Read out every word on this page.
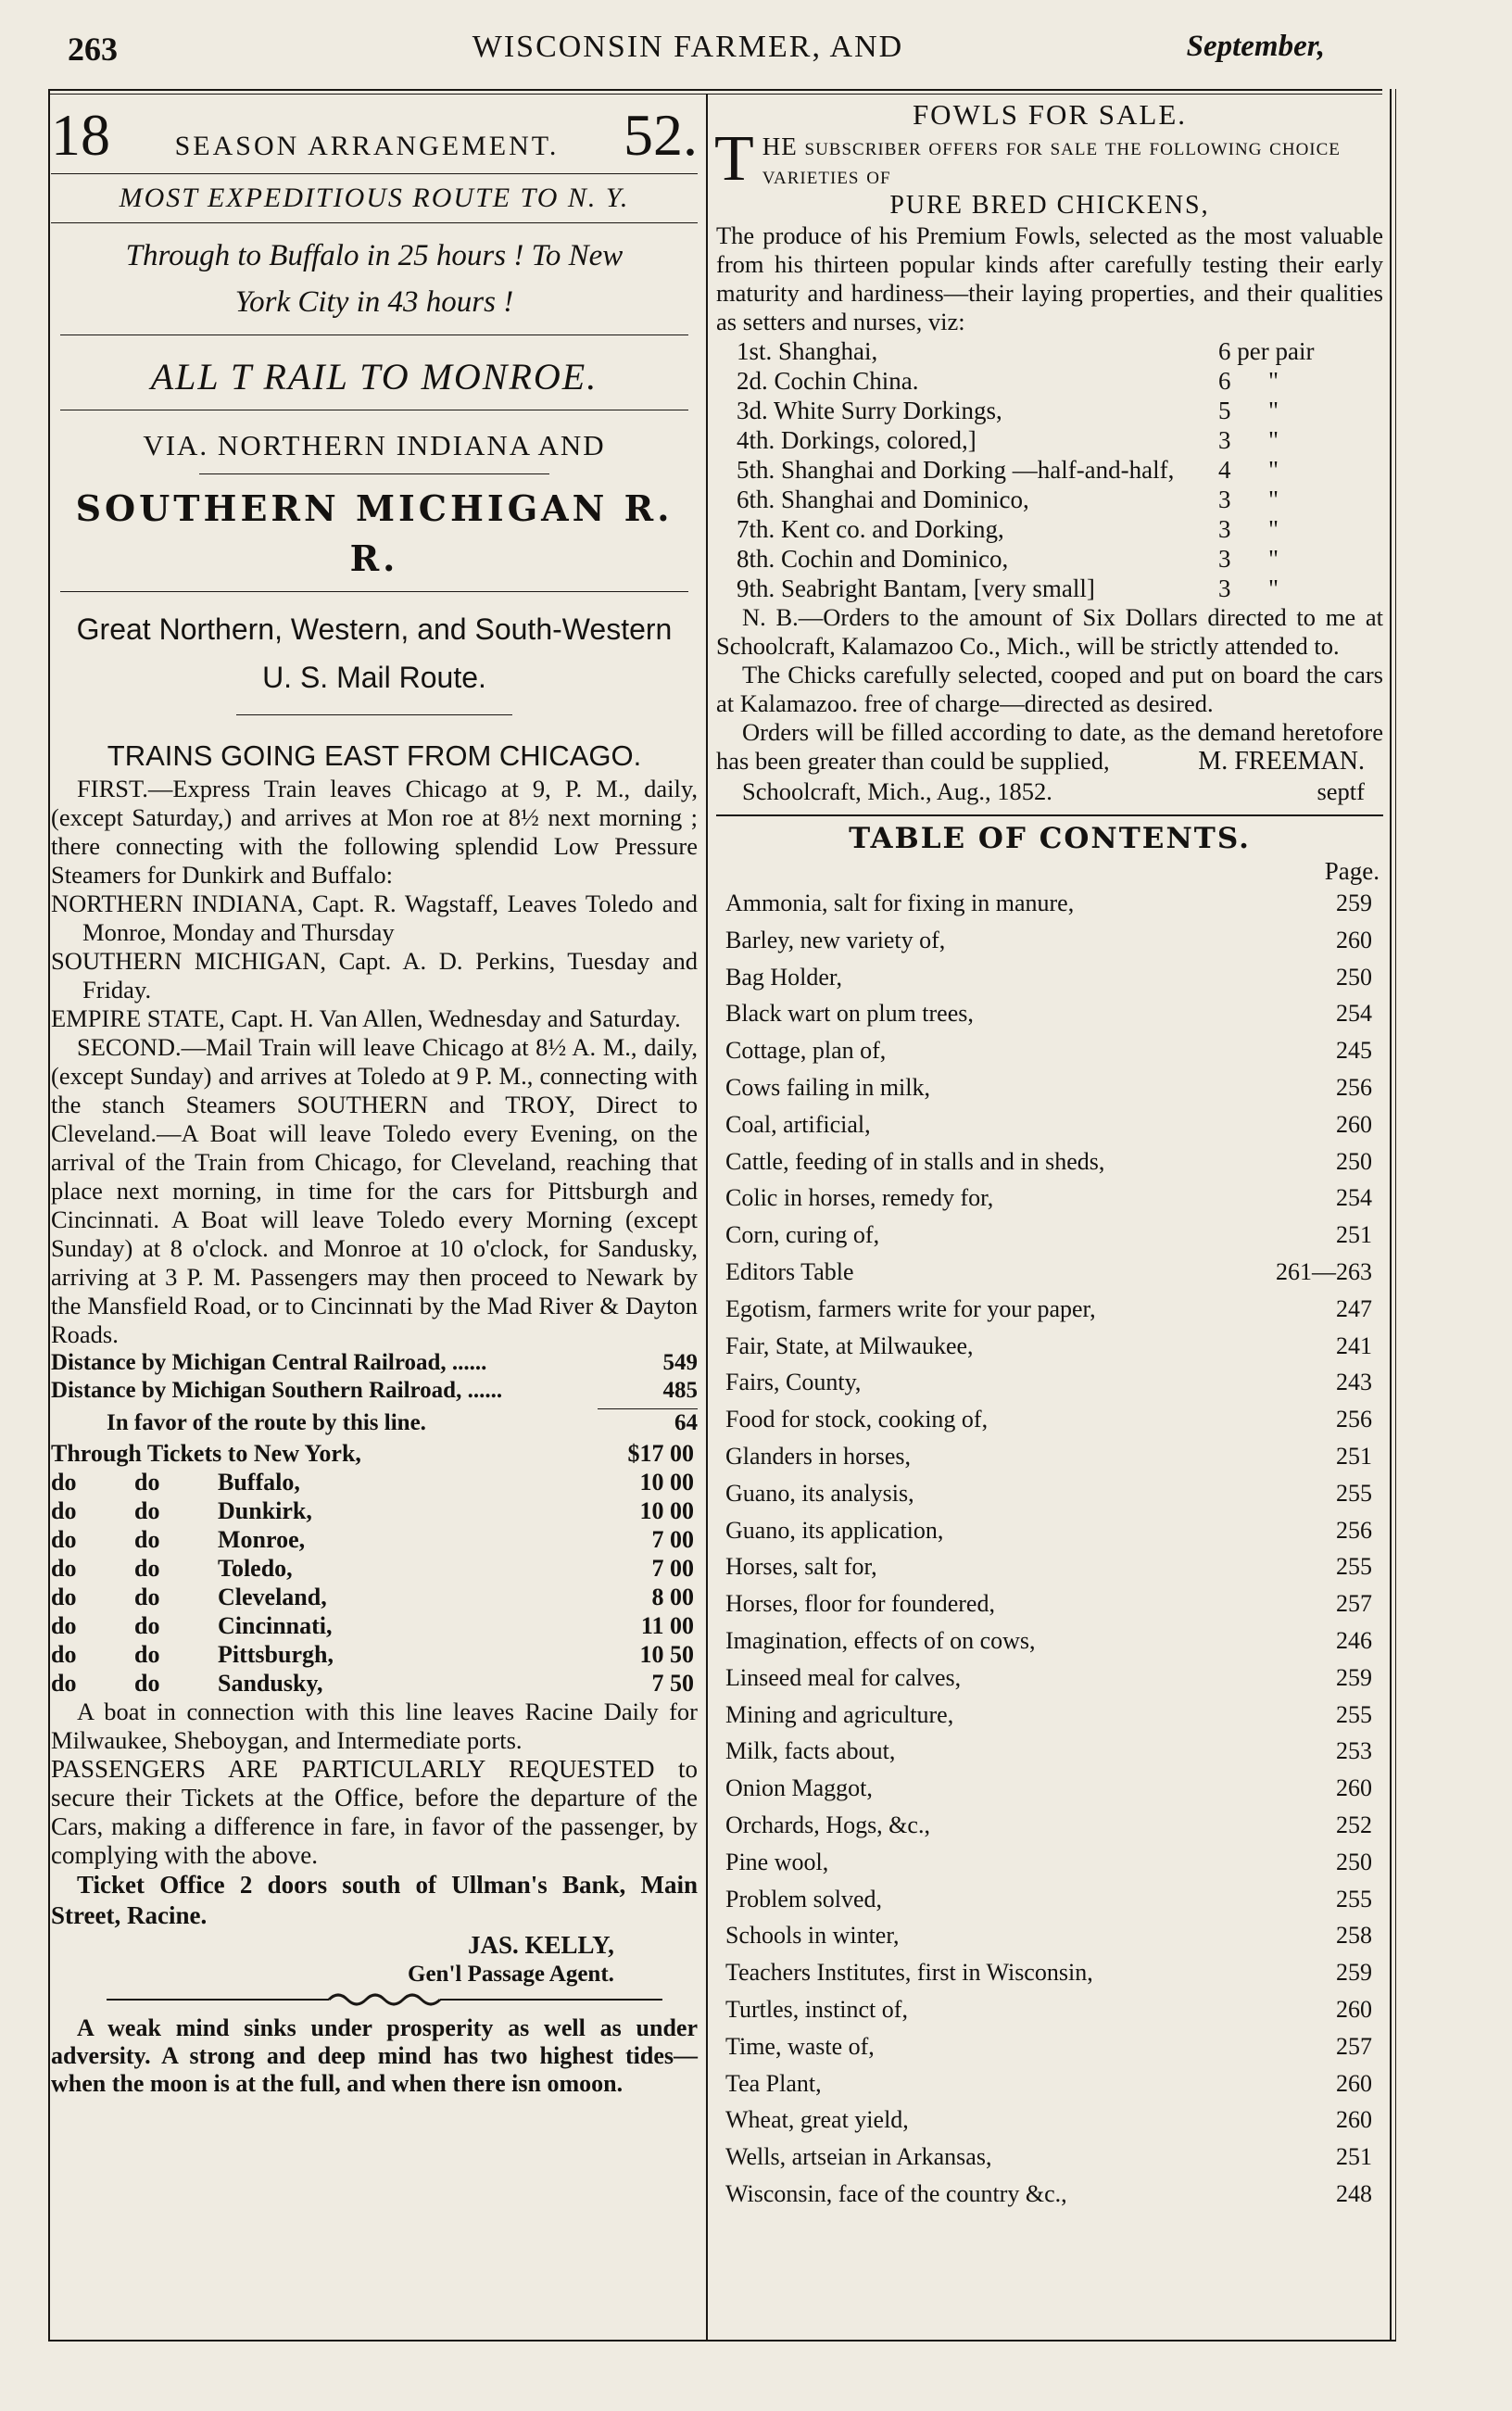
263	WISCONSIN FARMER, AND	September,
18 SEASON ARRANGEMENT. 52.

MOST EXPEDITIOUS ROUTE TO N. Y.

Through to Buffalo in 25 hours ! To New

York City in 43 hours !

ALL T RAIL TO MONROE.

VIA. NORTHERN INDIANA AND

SOUTHERN MICHIGAN R. R.

Great Northern, Western, and South-Western

U. S. Mail Route.

TRAINS GOING EAST FROM CHICAGO.

FIRST.—Express Train leaves Chicago at 9, P. M., daily, (except Saturday,) and arrives at Mon roe at 8½ next morning ; there connecting with the following splendid Low Pressure Steamers for Dunkirk and Buffalo:

NORTHERN INDIANA, Capt. R. Wagstaff, Leaves Toledo and Monroe, Monday and Thursday

SOUTHERN MICHIGAN, Capt. A. D. Perkins, Tuesday and Friday.

EMPIRE STATE, Capt. H. Van Allen, Wednesday and Saturday.

SECOND.—Mail Train will leave Chicago at 8½ A. M., daily, (except Sunday) and arrives at Toledo at 9 P. M., connecting with the stanch Steamers SOUTHERN and TROY, Direct to Cleveland.—A Boat will leave Toledo every Evening, on the arrival of the Train from Chicago, for Cleveland, reaching that place next morning, in time for the cars for Pittsburgh and Cincinnati. A Boat will leave Toledo every Morning (except Sunday) at 8 o'clock. and Monroe at 10 o'clock, for Sandusky, arriving at 3 P. M. Passengers may then proceed to Newark by the Mansfield Road, or to Cincinnati by the Mad River & Dayton Roads.

Distance by Michigan Central Railroad, ......	549
Distance by Michigan Southern Railroad, ......	485
In favor of the route by this line.	64
Through Tickets to New York,	$17 00
do	do	Buffalo,	10 00
do	do	Dunkirk,	10 00
do	do	Monroe,	7 00
do	do	Toledo,	7 00
do	do	Cleveland,	8 00
do	do	Cincinnati,	11 00
do	do	Pittsburgh,	10 50
do	do	Sandusky,	7 50

A boat in connection with this line leaves Racine Daily for Milwaukee, Sheboygan, and Intermediate ports.

PASSENGERS ARE PARTICULARLY REQUESTED to secure their Tickets at the Office, before the departure of the Cars, making a difference in fare, in favor of the passenger, by complying with the above.

Ticket Office 2 doors south of Ullman's Bank, Main Street, Racine.

JAS. KELLY,

Gen'l Passage Agent.

A weak mind sinks under prosperity as well as under adversity. A strong and deep mind has two highest tides—when the moon is at the full, and when there isn omoon.

FOWLS FOR SALE.

T HE subscriber offers for sale the following choice varieties of

PURE BRED CHICKENS,

The produce of his Premium Fowls, selected as the most valuable from his thirteen popular kinds after carefully testing their early maturity and hardiness—their laying properties, and their qualities as setters and nurses, viz:

1st. Shanghai,	6 per pair
2d. Cochin China.	6      "
3d. White Surry Dorkings,	5      "
4th. Dorkings, colored,]	3      "
5th. Shanghai and Dorking —half-and-half,	4      "
6th. Shanghai and Dominico,	3      "
7th. Kent co. and Dorking,	3      "
8th. Cochin and Dominico,	3      "
9th. Seabright Bantam, [very small]	3      "

N. B.—Orders to the amount of Six Dollars directed to me at Schoolcraft, Kalamazoo Co., Mich., will be strictly attended to.

The Chicks carefully selected, cooped and put on board the cars at Kalamazoo. free of charge—directed as desired.

Orders will be filled according to date, as the demand heretofore has been greater than could be supplied,	M. FREEMAN.

Schoolcraft, Mich., Aug., 1852.	septf

TABLE OF CONTENTS.

Page.

Ammonia, salt for fixing in manure,	259
Barley, new variety of,	260
Bag Holder,	250
Black wart on plum trees,	254
Cottage, plan of,	245
Cows failing in milk,	256
Coal, artificial,	260
Cattle, feeding of in stalls and in sheds,	250
Colic in horses, remedy for,	254
Corn, curing of,	251
Editors Table	261—263
Egotism, farmers write for your paper,	247
Fair, State, at Milwaukee,	241
Fairs, County,	243
Food for stock, cooking of,	256
Glanders in horses,	251
Guano, its analysis,	255
Guano, its application,	256
Horses, salt for,	255
Horses, floor for foundered,	257
Imagination, effects of on cows,	246
Linseed meal for calves,	259
Mining and agriculture,	255
Milk, facts about,	253
Onion Maggot,	260
Orchards, Hogs, &c.,	252
Pine wool,	250
Problem solved,	255
Schools in winter,	258
Teachers Institutes, first in Wisconsin,	259
Turtles, instinct of,	260
Time, waste of,	257
Tea Plant,	260
Wheat, great yield,	260
Wells, artseian in Arkansas,	251
Wisconsin, face of the country &c.,	248
